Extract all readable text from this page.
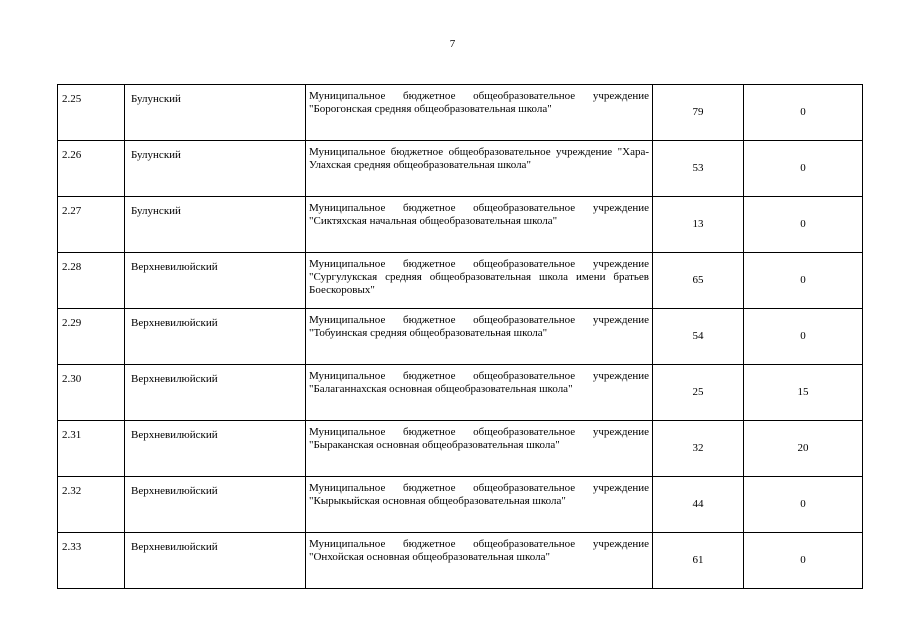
7
2.25	Булунский	Муниципальное бюджетное общеобразовательное учреждение "Борогонская средняя общеобразовательная школа"	79	0
2.26	Булунский	Муниципальное бюджетное общеобразовательное учреждение "Хара-Улахская средняя общеобразовательная школа"	53	0
2.27	Булунский	Муниципальное бюджетное общеобразовательное учреждение "Сиктяхская начальная общеобразовательная школа"	13	0
2.28	Верхневилюйский	Муниципальное бюджетное общеобразовательное учреждение "Сургулукская средняя общеобразовательная школа имени братьев Боескоровых"	65	0
2.29	Верхневилюйский	Муниципальное бюджетное общеобразовательное учреждение "Тобуинская средняя общеобразовательная школа"	54	0
2.30	Верхневилюйский	Муниципальное бюджетное общеобразовательное учреждение "Балаганнахская основная общеобразовательная школа"	25	15
2.31	Верхневилюйский	Муниципальное бюджетное общеобразовательное учреждение "Быраканская основная общеобразовательная школа"	32	20
2.32	Верхневилюйский	Муниципальное бюджетное общеобразовательное учреждение "Кырыкыйская основная общеобразовательная школа"	44	0
2.33	Верхневилюйский	Муниципальное бюджетное общеобразовательное учреждение "Онхойская основная общеобразовательная школа"	61	0
